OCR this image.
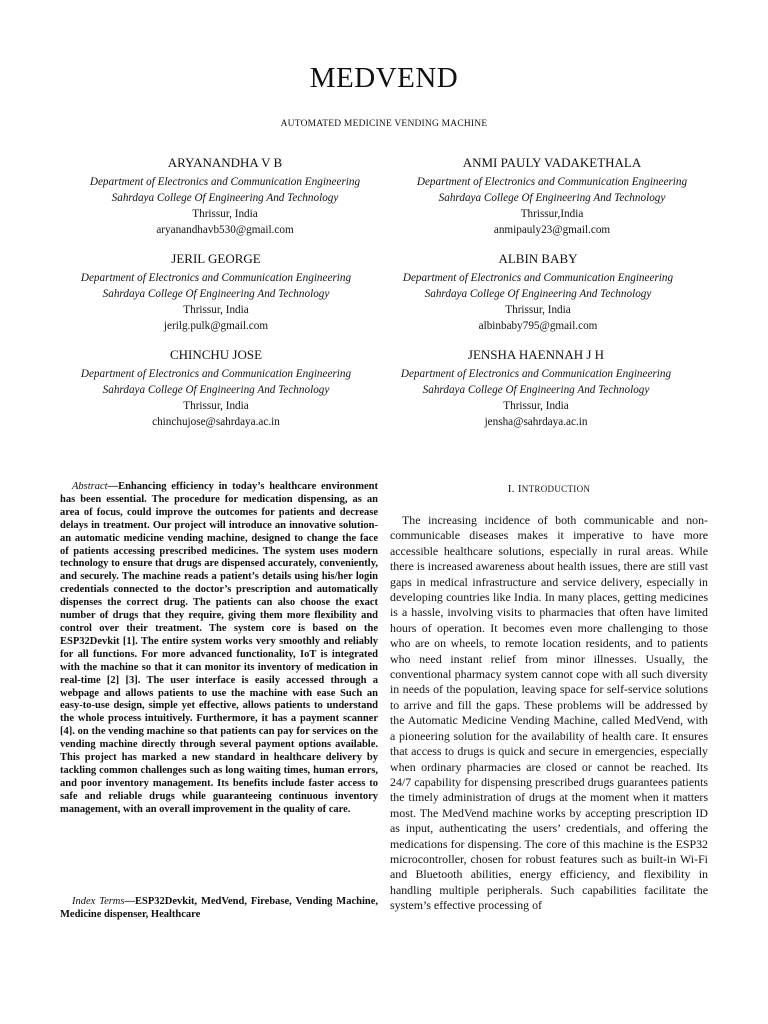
MEDVEND
AUTOMATED MEDICINE VENDING MACHINE
ARYANANDHA V B
Department of Electronics and Communication Engineering
Sahrdaya College Of Engineering And Technology
Thrissur, India
aryanandhavb530@gmail.com
ANMI PAULY VADAKETHALA
Department of Electronics and Communication Engineering
Sahrdaya College Of Engineering And Technology
Thrissur,India
anmipauly23@gmail.com
JERIL GEORGE
Department of Electronics and Communication Engineering
Sahrdaya College Of Engineering And Technology
Thrissur, India
jerilg.pulk@gmail.com
ALBIN BABY
Department of Electronics and Communication Engineering
Sahrdaya College Of Engineering And Technology
Thrissur, India
albinbaby795@gmail.com
CHINCHU JOSE
Department of Electronics and Communication Engineering
Sahrdaya College Of Engineering And Technology
Thrissur, India
chinchujose@sahrdaya.ac.in
JENSHA HAENNAH J H
Department of Electronics and Communication Engineering
Sahrdaya College Of Engineering And Technology
Thrissur, India
jensha@sahrdaya.ac.in
Abstract—Enhancing efficiency in today’s healthcare environment has been essential. The procedure for medication dispensing, as an area of focus, could improve the outcomes for patients and decrease delays in treatment. Our project will introduce an innovative solution- an automatic medicine vending machine, designed to change the face of patients accessing prescribed medicines. The system uses modern technology to ensure that drugs are dispensed accurately, conveniently, and securely. The machine reads a patient’s details using his/her login credentials connected to the doctor’s prescription and automatically dispenses the correct drug. The patients can also choose the exact number of drugs that they require, giving them more flexibility and control over their treatment. The system core is based on the ESP32Devkit [1]. The entire system works very smoothly and reliably for all functions. For more advanced functionality, IoT is integrated with the machine so that it can monitor its inventory of medication in real-time [2] [3]. The user interface is easily accessed through a webpage and allows patients to use the machine with ease Such an easy-to-use design, simple yet effective, allows patients to understand the whole process intuitively. Furthermore, it has a payment scanner [4]. on the vending machine so that patients can pay for services on the vending machine directly through several payment options available. This project has marked a new standard in healthcare delivery by tackling common challenges such as long waiting times, human errors, and poor inventory management. Its benefits include faster access to safe and reliable drugs while guaranteeing continuous inventory management, with an overall improvement in the quality of care.
Index Terms—ESP32Devkit, MedVend, Firebase, Vending Machine, Medicine dispenser, Healthcare
I. INTRODUCTION
The increasing incidence of both communicable and non-communicable diseases makes it imperative to have more accessible healthcare solutions, especially in rural areas. While there is increased awareness about health issues, there are still vast gaps in medical infrastructure and service delivery, especially in developing countries like India. In many places, getting medicines is a hassle, involving visits to pharmacies that often have limited hours of operation. It becomes even more challenging to those who are on wheels, to remote location residents, and to patients who need instant relief from minor illnesses. Usually, the conventional pharmacy system cannot cope with all such diversity in needs of the population, leaving space for self-service solutions to arrive and fill the gaps. These problems will be addressed by the Automatic Medicine Vending Machine, called MedVend, with a pioneering solution for the availability of health care. It ensures that access to drugs is quick and secure in emergencies, especially when ordinary pharmacies are closed or cannot be reached. Its 24/7 capability for dispensing prescribed drugs guarantees patients the timely administration of drugs at the moment when it matters most. The MedVend machine works by accepting prescription ID as input, authenticating the users’ credentials, and offering the medications for dispensing. The core of this machine is the ESP32 microcontroller, chosen for robust features such as built-in Wi-Fi and Bluetooth abilities, energy efficiency, and flexibility in handling multiple peripherals. Such capabilities facilitate the system’s effective processing of
